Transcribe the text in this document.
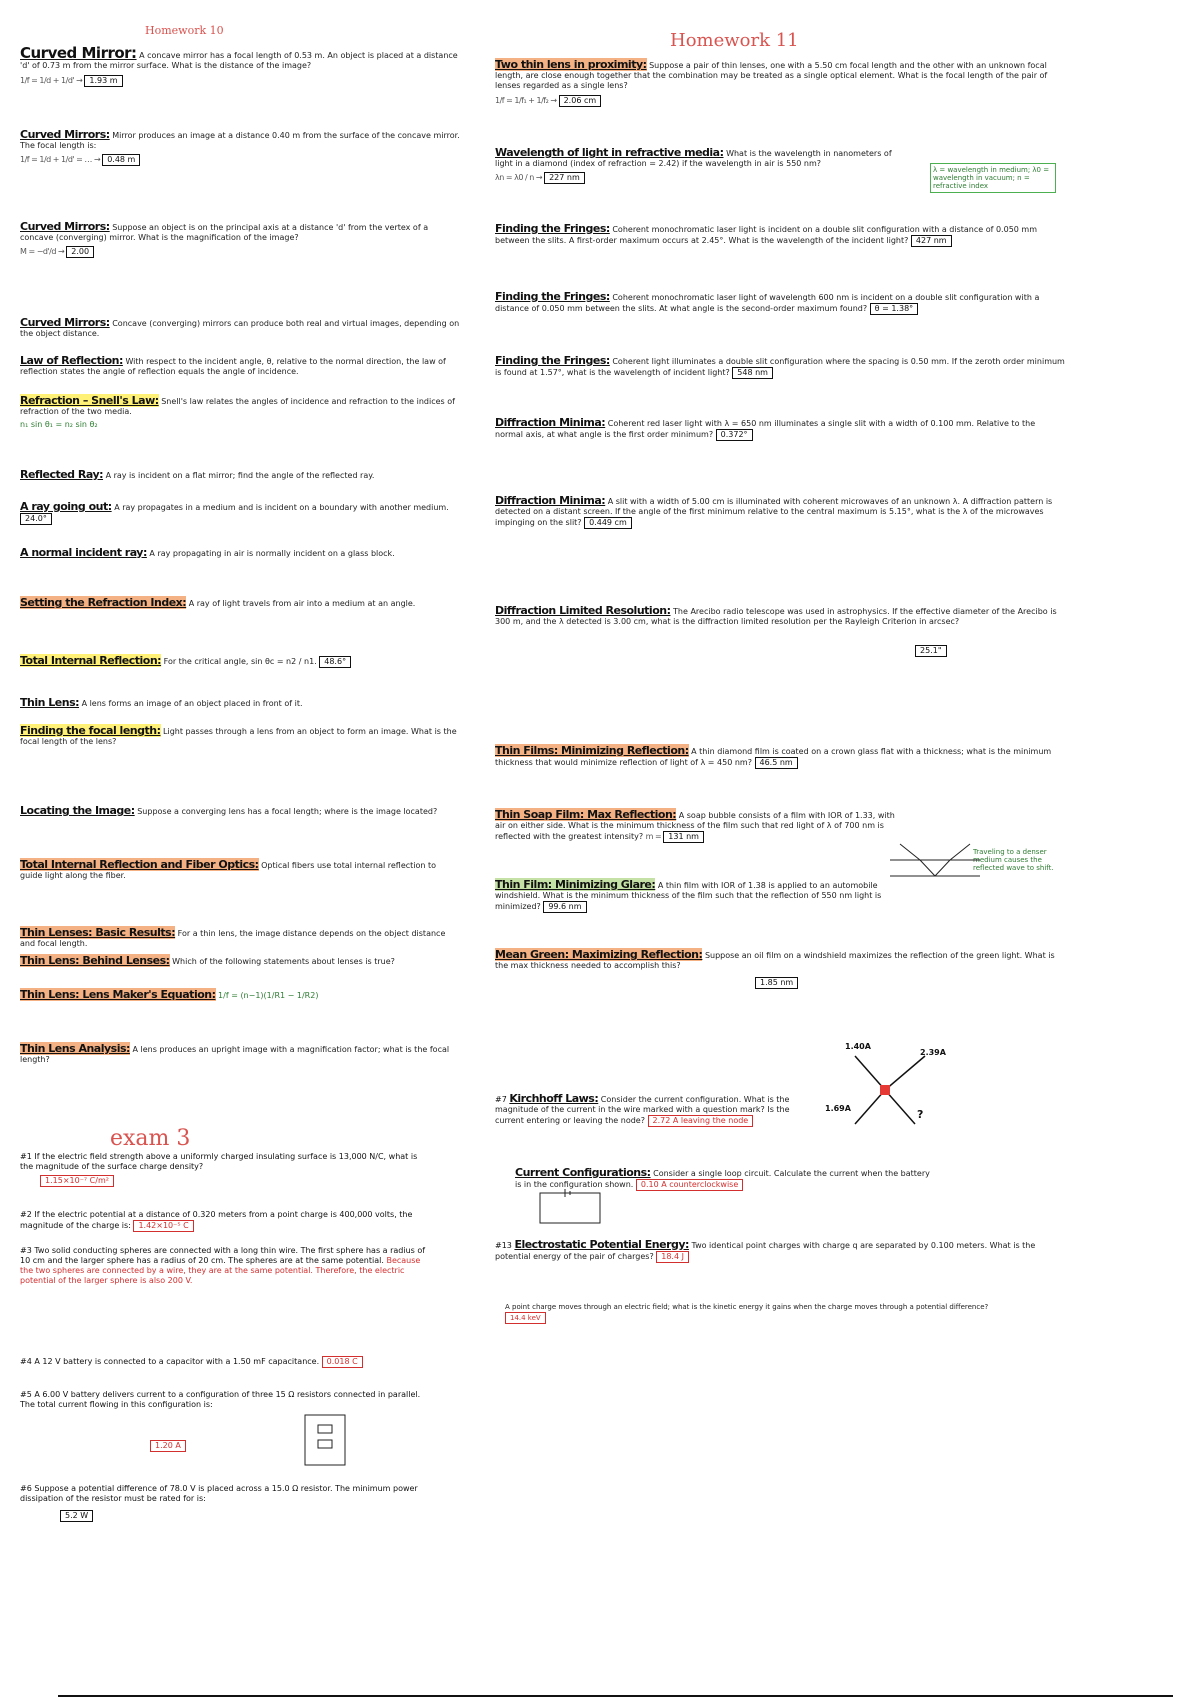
Homework 10	Homework 11
Curved Mirror: A concave mirror has a focal length of 0.53 m. An object is placed at a distance 'd' of 0.73 m from the mirror surface. What is the distance of the image?
1/f = 1/d + 1/d' → 1.93 m
Curved Mirrors: Mirror produces an image at a distance 0.40 m from the surface of the concave mirror. The focal length is:
1/f = 1/d + 1/d' = … → 0.48 m
Curved Mirrors: Suppose an object is on the principal axis at a distance 'd' from the vertex of a concave (converging) mirror. What is the magnification of the image?
M = −d'/d → 2.00
Curved Mirrors: Concave (converging) mirrors can produce both real and virtual images, depending on the object distance.
Law of Reflection: With respect to the incident angle, θ, relative to the normal direction, the law of reflection states the angle of reflection equals the angle of incidence.
Refraction – Snell's Law: Snell's law relates the angles of incidence and refraction to the indices of refraction of the two media.
n₁ sin θ₁ = n₂ sin θ₂
Reflected Ray: A ray is incident on a flat mirror; find the angle of the reflected ray.
A ray going out: A ray propagates in a medium and is incident on a boundary with another medium. 24.0°
A normal incident ray: A ray propagating in air is normally incident on a glass block.
Setting the Refraction Index: A ray of light travels from air into a medium at an angle.
Total Internal Reflection: For the critical angle, sin θc = n2 / n1. 48.6°
Thin Lens: A lens forms an image of an object placed in front of it.
Finding the focal length: Light passes through a lens from an object to form an image. What is the focal length of the lens?
Locating the Image: Suppose a converging lens has a focal length; where is the image located?
Total Internal Reflection and Fiber Optics: Optical fibers use total internal reflection to guide light along the fiber.
Thin Lenses: Basic Results: For a thin lens, the image distance depends on the object distance and focal length.
Thin Lens: Behind Lenses: Which of the following statements about lenses is true?
Thin Lens: Lens Maker's Equation: 1/f = (n−1)(1/R1 − 1/R2)
Thin Lens Analysis: A lens produces an upright image with a magnification factor; what is the focal length?
exam 3
#1 If the electric field strength above a uniformly charged insulating surface is 13,000 N/C, what is the magnitude of the surface charge density?
1.15×10⁻⁷ C/m²
#2 If the electric potential at a distance of 0.320 meters from a point charge is 400,000 volts, the magnitude of the charge is: 1.42×10⁻⁵ C
#3 Two solid conducting spheres are connected with a long thin wire. The first sphere has a radius of 10 cm and the larger sphere has a radius of 20 cm. The spheres are at the same potential. Because the two spheres are connected by a wire, they are at the same potential. Therefore, the electric potential of the larger sphere is also 200 V.
#4 A 12 V battery is connected to a capacitor with a 1.50 mF capacitance. 0.018 C
#5 A 6.00 V battery delivers current to a configuration of three 15 Ω resistors connected in parallel. The total current flowing in this configuration is:
1.20 A
#6 Suppose a potential difference of 78.0 V is placed across a 15.0 Ω resistor. The minimum power dissipation of the resistor must be rated for is:
5.2 W
Two thin lens in proximity: Suppose a pair of thin lenses, one with a 5.50 cm focal length and the other with an unknown focal length, are close enough together that the combination may be treated as a single optical element. What is the focal length of the pair of lenses regarded as a single lens?
1/f = 1/f₁ + 1/f₂ → 2.06 cm
Wavelength of light in refractive media: What is the wavelength in nanometers of light in a diamond (index of refraction = 2.42) if the wavelength in air is 550 nm?
λn = λ0 / n → 227 nm
λ = wavelength in medium; λ0 = wavelength in vacuum; n = refractive index
Finding the Fringes: Coherent monochromatic laser light is incident on a double slit configuration with a distance of 0.050 mm between the slits. A first-order maximum occurs at 2.45°. What is the wavelength of the incident light? 427 nm
Finding the Fringes: Coherent monochromatic laser light of wavelength 600 nm is incident on a double slit configuration with a distance of 0.050 mm between the slits. At what angle is the second-order maximum found? θ = 1.38°
Finding the Fringes: Coherent light illuminates a double slit configuration where the spacing is 0.50 mm. If the zeroth order minimum is found at 1.57°, what is the wavelength of incident light? 548 nm
Diffraction Minima: Coherent red laser light with λ = 650 nm illuminates a single slit with a width of 0.100 mm. Relative to the normal axis, at what angle is the first order minimum? 0.372°
Diffraction Minima: A slit with a width of 5.00 cm is illuminated with coherent microwaves of an unknown λ. A diffraction pattern is detected on a distant screen. If the angle of the first minimum relative to the central maximum is 5.15°, what is the λ of the microwaves impinging on the slit? 0.449 cm
Diffraction Limited Resolution: The Arecibo radio telescope was used in astrophysics. If the effective diameter of the Arecibo is 300 m, and the λ detected is 3.00 cm, what is the diffraction limited resolution per the Rayleigh Criterion in arcsec?
25.1"
Thin Films: Minimizing Reflection: A thin diamond film is coated on a crown glass flat with a thickness; what is the minimum thickness that would minimize reflection of light of λ = 450 nm? 46.5 nm
Thin Soap Film: Max Reflection: A soap bubble consists of a film with IOR of 1.33, with air on either side. What is the minimum thickness of the film such that red light of λ of 700 nm is reflected with the greatest intensity? m = 131 nm
Traveling to a denser medium causes the reflected wave to shift.
Thin Film: Minimizing Glare: A thin film with IOR of 1.38 is applied to an automobile windshield. What is the minimum thickness of the film such that the reflection of 550 nm light is minimized? 99.6 nm
Mean Green: Maximizing Reflection: Suppose an oil film on a windshield maximizes the reflection of the green light. What is the max thickness needed to accomplish this?
1.85 nm
1.40A
2.39A
1.69A	?
#7 Kirchhoff Laws: Consider the current configuration. What is the magnitude of the current in the wire marked with a question mark? Is the current entering or leaving the node? 2.72 A leaving the node
Current Configurations: Consider a single loop circuit. Calculate the current when the battery is in the configuration shown. 0.10 A counterclockwise
#13 Electrostatic Potential Energy: Two identical point charges with charge q are separated by 0.100 meters. What is the potential energy of the pair of charges? 18.4 J
A point charge moves through an electric field; what is the kinetic energy it gains when the charge moves through a potential difference? 14.4 keV
